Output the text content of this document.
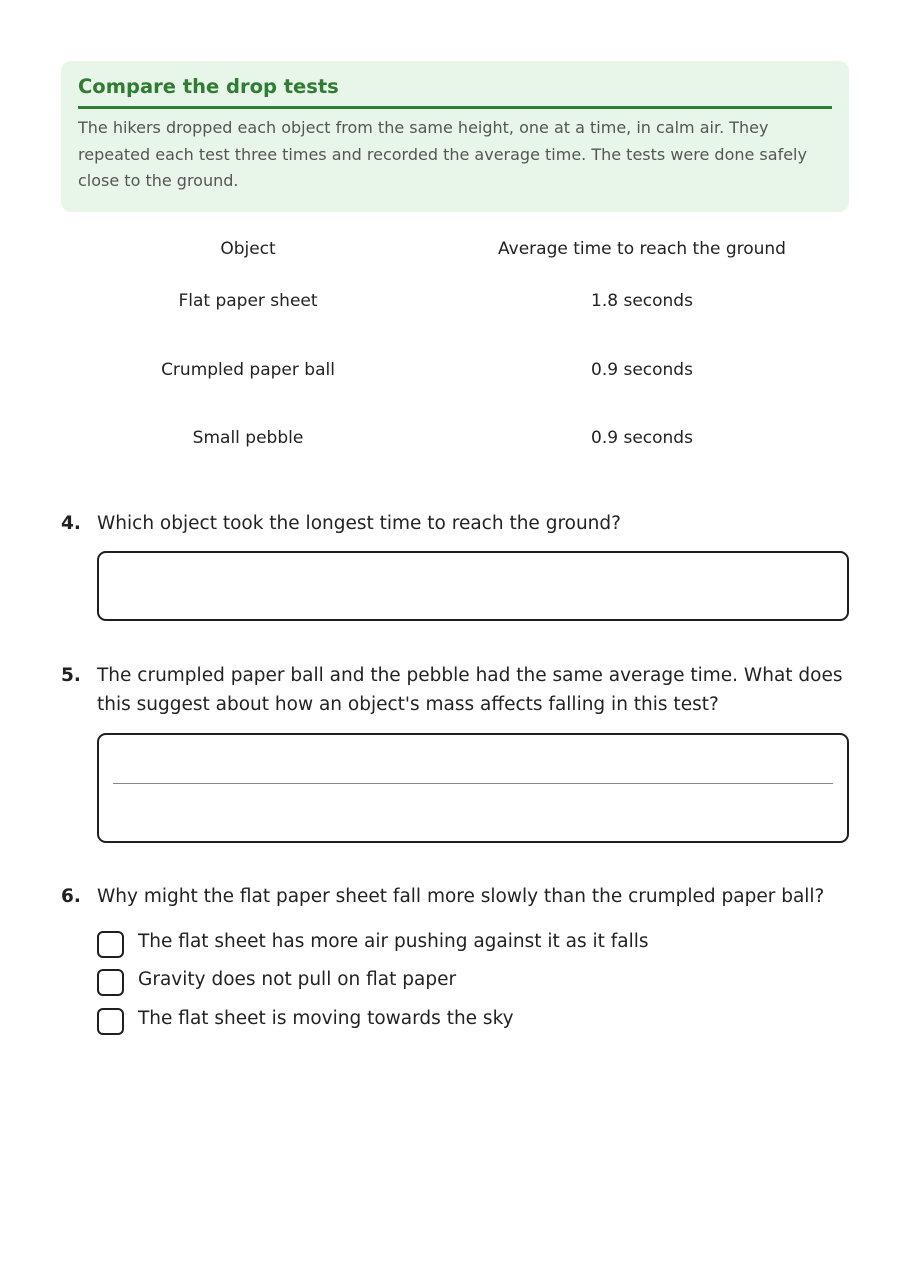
Compare the drop tests
The hikers dropped each object from the same height, one at a time, in calm air. They repeated each test three times and recorded the average time. The tests were done safely close to the ground.
Object	Average time to reach the ground
Flat paper sheet	1.8 seconds
Crumpled paper ball	0.9 seconds
Small pebble	0.9 seconds
4. Which object took the longest time to reach the ground?
5. The crumpled paper ball and the pebble had the same average time. What does this suggest about how an object's mass affects falling in this test?
6. Why might the flat paper sheet fall more slowly than the crumpled paper ball?
The flat sheet has more air pushing against it as it falls
Gravity does not pull on flat paper
The flat sheet is moving towards the sky
